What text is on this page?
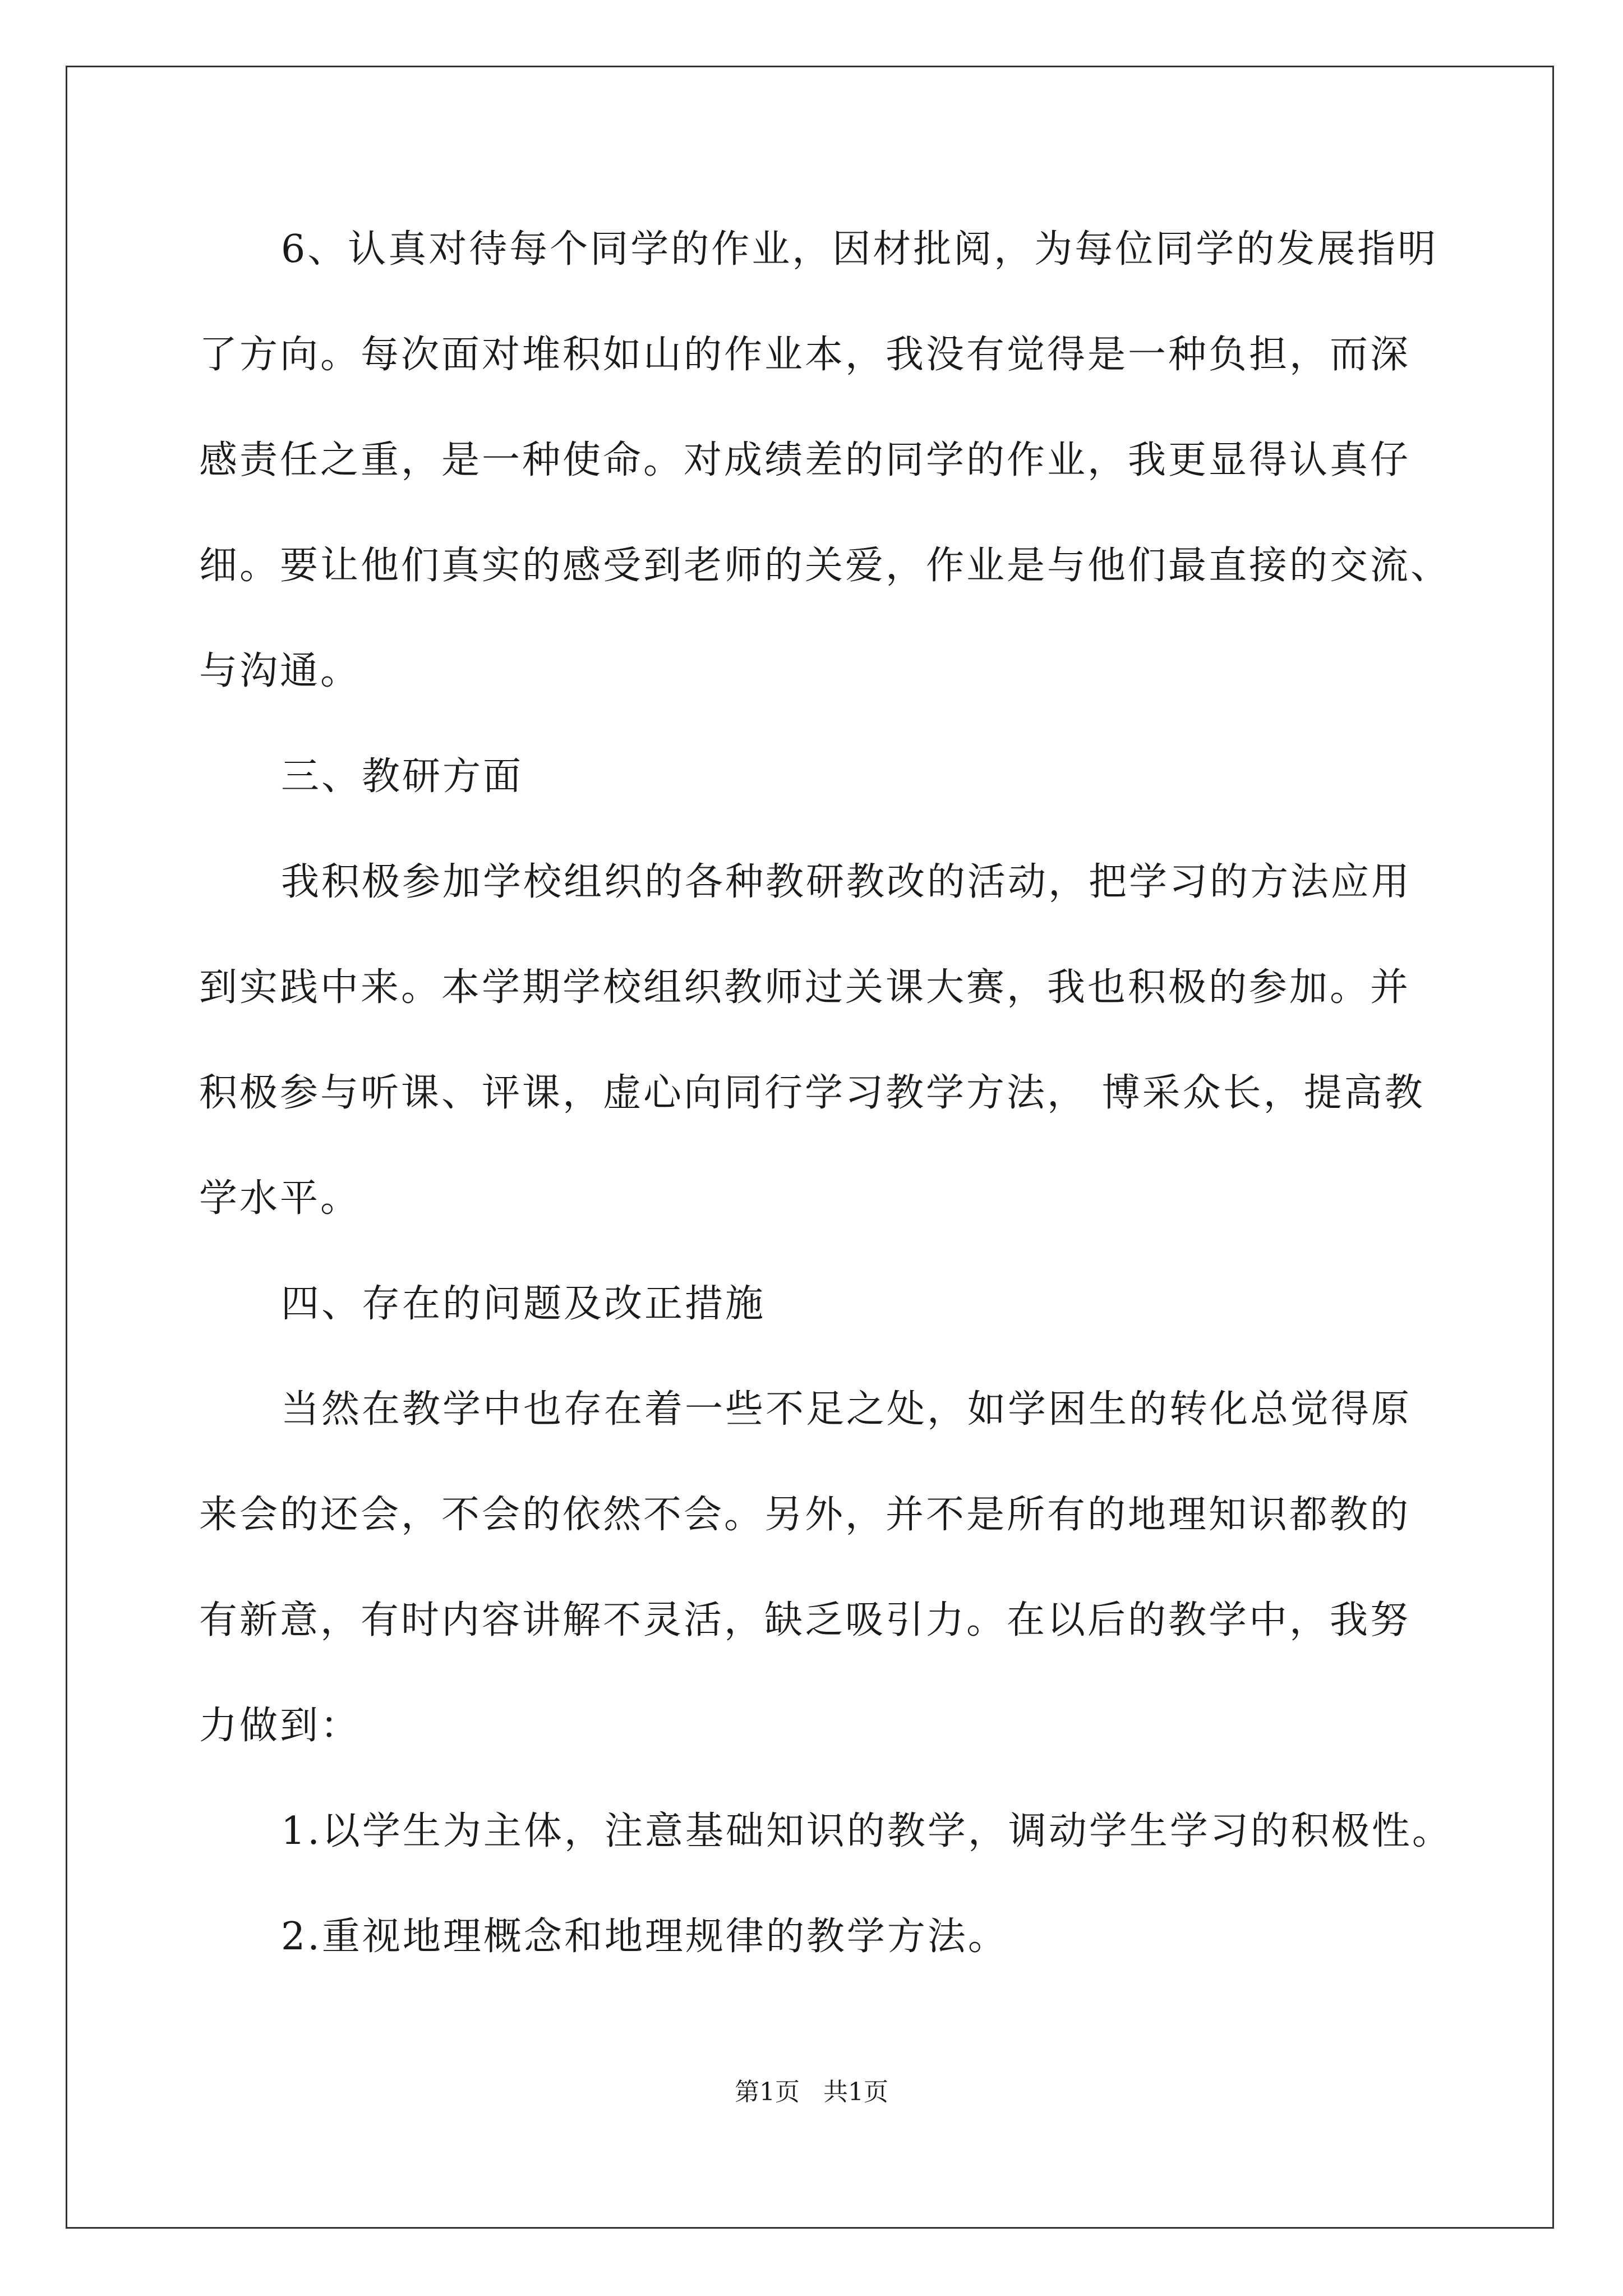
6、认真对待每个同学的作业，因材批阅，为每位同学的发展指明
了方向。每次面对堆积如山的作业本，我没有觉得是一种负担，而深
感责任之重，是一种使命。对成绩差的同学的作业，我更显得认真仔
细。要让他们真实的感受到老师的关爱，作业是与他们最直接的交流、
与沟通。
三、教研方面
我积极参加学校组织的各种教研教改的活动，把学习的方法应用
到实践中来。本学期学校组织教师过关课大赛，我也积极的参加。并
积极参与听课、评课，虚心向同行学习教学方法， 博采众长，提高教
学水平。
四、存在的问题及改正措施
当然在教学中也存在着一些不足之处，如学困生的转化总觉得原
来会的还会，不会的依然不会。另外，并不是所有的地理知识都教的
有新意，有时内容讲解不灵活，缺乏吸引力。在以后的教学中，我努
力做到：
1.以学生为主体，注意基础知识的教学，调动学生学习的积极性。
2.重视地理概念和地理规律的教学方法。
第1页   共1页
